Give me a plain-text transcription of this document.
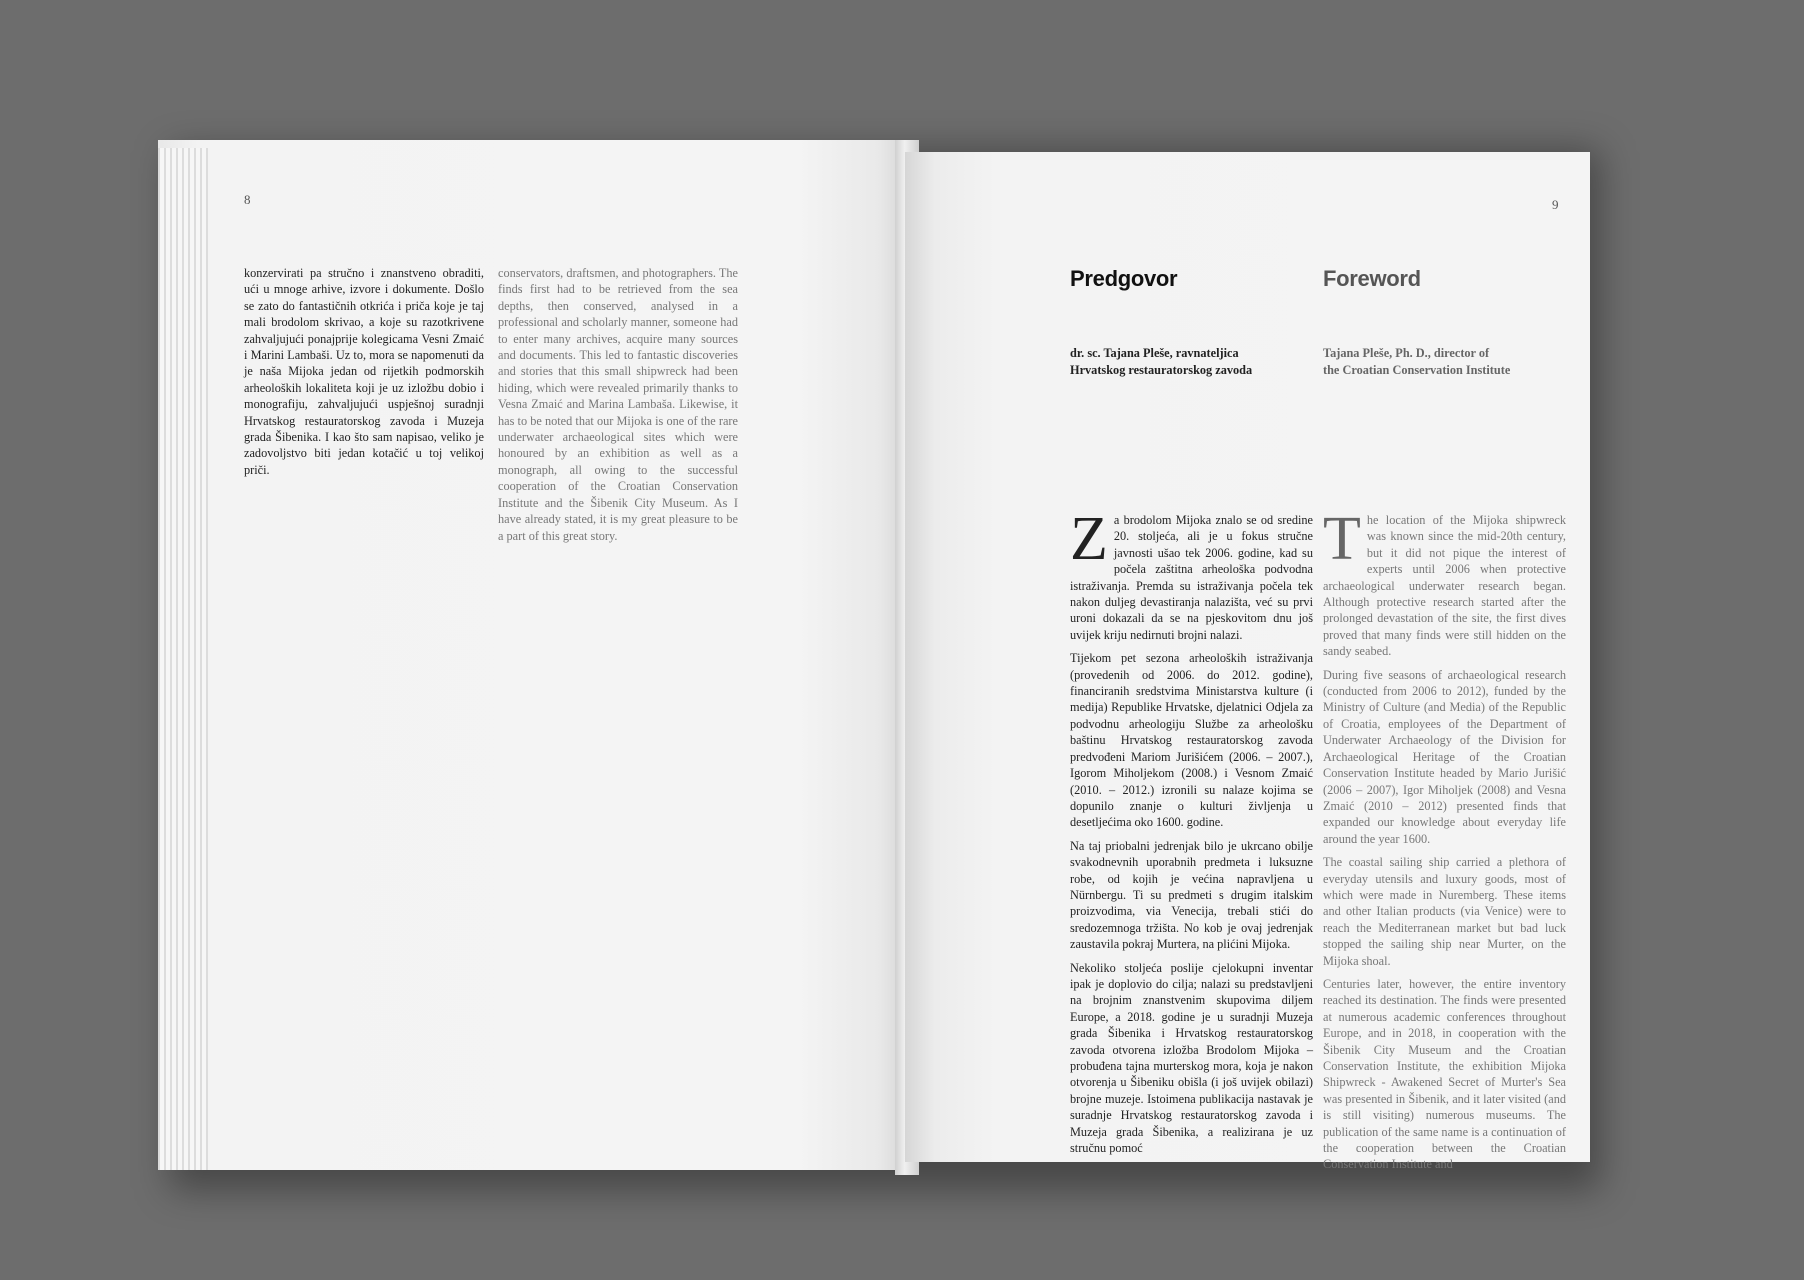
8

konzervirati pa stručno i znanstveno obraditi, ući u mnoge arhive, izvore i dokumente. Došlo se zato do fantastičnih otkrića i priča koje je taj mali brodolom skrivao, a koje su razotkrivene zahvaljujući ponajprije kolegicama Vesni Zmaić i Marini Lambaši. Uz to, mora se napomenuti da je naša Mijoka jedan od rijetkih podmorskih arheoloških lokaliteta koji je uz izložbu dobio i monografiju, zahvaljujući uspješnoj suradnji Hrvatskog restauratorskog zavoda i Muzeja grada Šibenika. I kao što sam napisao, veliko je zadovoljstvo biti jedan kotačić u toj velikoj priči.

conservators, draftsmen, and photographers. The finds first had to be retrieved from the sea depths, then conserved, analysed in a professional and scholarly manner, someone had to enter many archives, acquire many sources and documents. This led to fantastic discoveries and stories that this small shipwreck had been hiding, which were revealed primarily thanks to Vesna Zmaić and Marina Lambaša. Likewise, it has to be noted that our Mijoka is one of the rare underwater archaeological sites which were honoured by an exhibition as well as a monograph, all owing to the successful cooperation of the Croatian Conservation Institute and the Šibenik City Museum. As I have already stated, it is my great pleasure to be a part of this great story.

9
Predgovor	Foreword
dr. sc. Tajana Pleše, ravnateljica
Hrvatskog restauratorskog zavoda
Tajana Pleše, Ph. D., director of
the Croatian Conservation Institute

Za brodolom Mijoka znalo se od sredine 20. stoljeća, ali je u fokus stručne javnosti ušao tek 2006. godine, kad su počela zaštitna arheološka podvodna istraživanja. Premda su istraživanja počela tek nakon duljeg devastiranja nalazišta, već su prvi uroni dokazali da se na pjeskovitom dnu još uvijek kriju nedirnuti brojni nalazi.

Tijekom pet sezona arheoloških istraživanja (provedenih od 2006. do 2012. godine), financiranih sredstvima Ministarstva kulture (i medija) Republike Hrvatske, djelatnici Odjela za podvodnu arheologiju Službe za arheološku baštinu Hrvatskog restauratorskog zavoda predvođeni Mariom Jurišićem (2006. – 2007.), Igorom Miholjekom (2008.) i Vesnom Zmaić (2010. – 2012.) izronili su nalaze kojima se dopunilo znanje o kulturi življenja u desetljećima oko 1600. godine.

Na taj priobalni jedrenjak bilo je ukrcano obilje svakodnevnih uporabnih predmeta i luksuzne robe, od kojih je većina napravljena u Nürnbergu. Ti su predmeti s drugim italskim proizvodima, via Venecija, trebali stići do sredozemnoga tržišta. No kob je ovaj jedrenjak zaustavila pokraj Murtera, na plićini Mijoka.

Nekoliko stoljeća poslije cjelokupni inventar ipak je doplovio do cilja; nalazi su predstavljeni na brojnim znanstvenim skupovima diljem Europe, a 2018. godine je u suradnji Muzeja grada Šibenika i Hrvatskog restauratorskog zavoda otvorena izložba Brodolom Mijoka – probuđena tajna murterskog mora, koja je nakon otvorenja u Šibeniku obišla (i još uvijek obilazi) brojne muzeje. Istoimena publikacija nastavak je suradnje Hrvatskog restauratorskog zavoda i Muzeja grada Šibenika, a realizirana je uz stručnu pomoć

The location of the Mijoka shipwreck was known since the mid-20th century, but it did not pique the interest of experts until 2006 when protective archaeological underwater research began. Although protective research started after the prolonged devastation of the site, the first dives proved that many finds were still hidden on the sandy seabed.

During five seasons of archaeological research (conducted from 2006 to 2012), funded by the Ministry of Culture (and Media) of the Republic of Croatia, employees of the Department of Underwater Archaeology of the Division for Archaeological Heritage of the Croatian Conservation Institute headed by Mario Jurišić (2006 – 2007), Igor Miholjek (2008) and Vesna Zmaić (2010 – 2012) presented finds that expanded our knowledge about everyday life around the year 1600.

The coastal sailing ship carried a plethora of everyday utensils and luxury goods, most of which were made in Nuremberg. These items and other Italian products (via Venice) were to reach the Mediterranean market but bad luck stopped the sailing ship near Murter, on the Mijoka shoal.

Centuries later, however, the entire inventory reached its destination. The finds were presented at numerous academic conferences throughout Europe, and in 2018, in cooperation with the Šibenik City Museum and the Croatian Conservation Institute, the exhibition Mijoka Shipwreck - Awakened Secret of Murter's Sea was presented in Šibenik, and it later visited (and is still visiting) numerous museums. The publication of the same name is a continuation of the cooperation between the Croatian Conservation Institute and
